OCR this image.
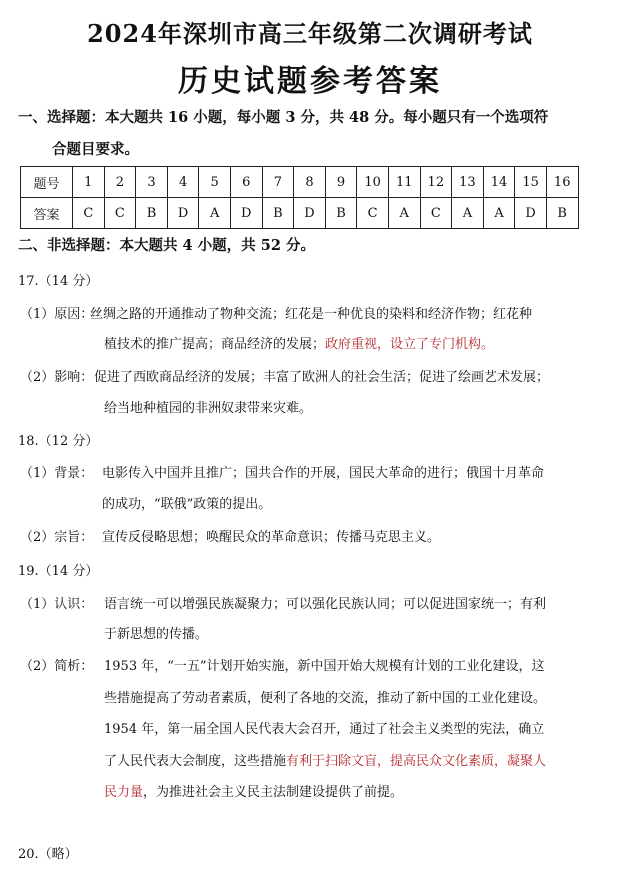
2024年深圳市高三年级第二次调研考试
历史试题参考答案
一、选择题：本大题共 16 小题，每小题 3 分，共 48 分。每小题只有一个选项符
合题目要求。
题号	1	2	3	4	5	6	7	8	9	10	11	12	13	14	15	16
答案	C	C	B	D	A	D	B	D	B	C	A	C	A	A	D	B
二、非选择题：本大题共 4 小题，共 52 分。
17.（14 分）
（1）原因：
丝绸之路的开通推动了物种交流；红花是一种优良的染料和经济作物；红花种
植技术的推广提高；商品经济的发展；政府重视，设立了专门机构。
（2）影响： 促进了西欧商品经济的发展；丰富了欧洲人的社会生活；促进了绘画艺术发展；
给当地种植园的非洲奴隶带来灾难。
18.（12 分）
（1）背景： 电影传入中国并且推广；国共合作的开展，国民大革命的进行；俄国十月革命
的成功，“联俄”政策的提出。
（2）宗旨： 宣传反侵略思想；唤醒民众的革命意识；传播马克思主义。
19.（14 分）
（1）认识： 语言统一可以增强民族凝聚力；可以强化民族认同；可以促进国家统一；有利
于新思想的传播。
（2）简析： 1953 年，“一五”计划开始实施，新中国开始大规模有计划的工业化建设，这
些措施提高了劳动者素质，便利了各地的交流，推动了新中国的工业化建设。
1954 年，第一届全国人民代表大会召开，通过了社会主义类型的宪法，确立
了人民代表大会制度，这些措施有利于扫除文盲，提高民众文化素质，凝聚人
民力量，为推进社会主义民主法制建设提供了前提。
20.（略）
